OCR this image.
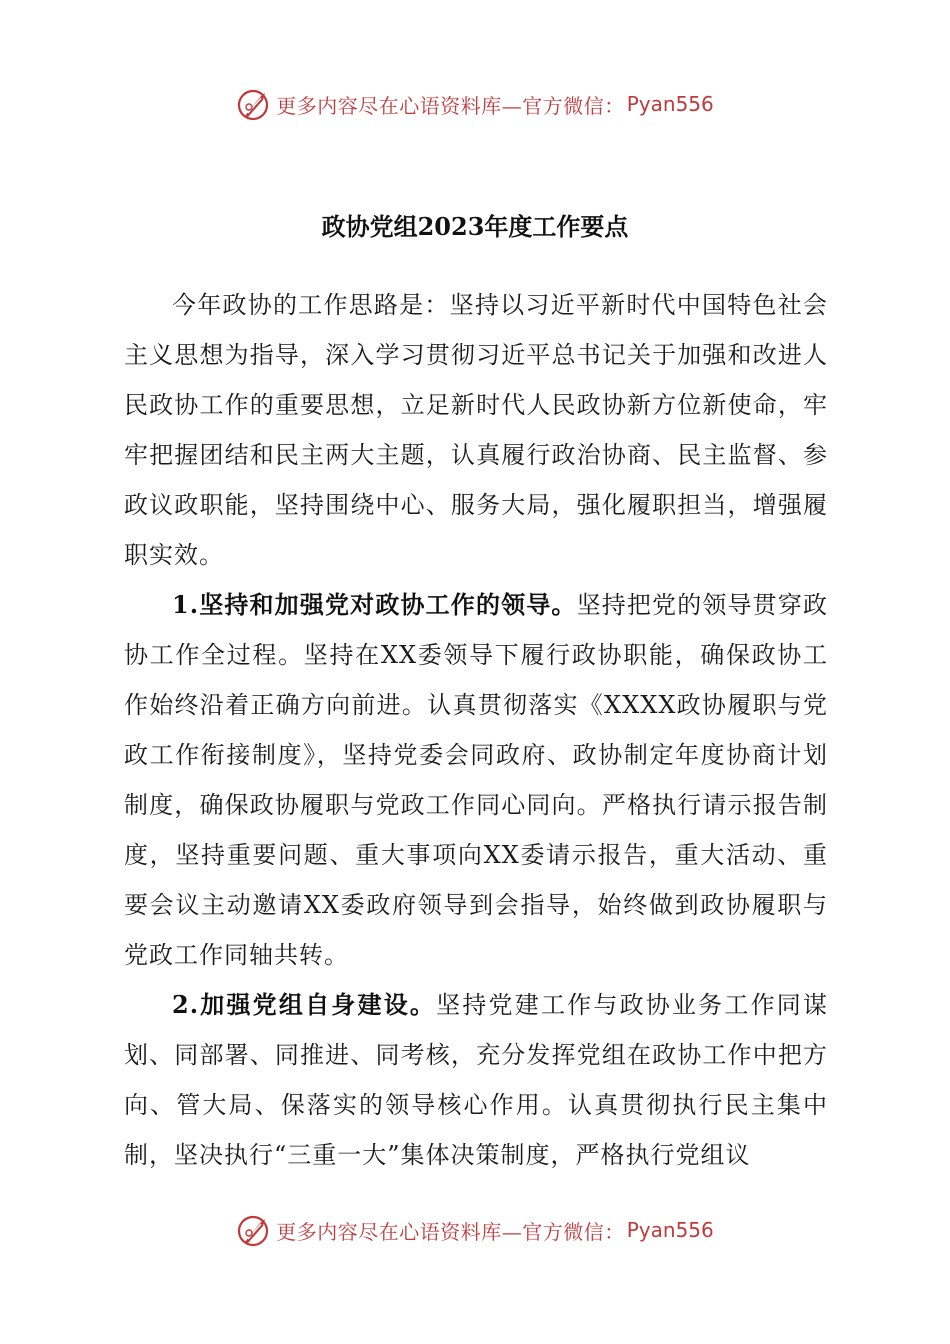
更多内容尽在心语资料库—官方微信： Pyan556
政协党组2023年度工作要点

今年政协的工作思路是：坚持以习近平新时代中国特色社会主义思想为指导，深入学习贯彻习近平总书记关于加强和改进人民政协工作的重要思想，立足新时代人民政协新方位新使命，牢牢把握团结和民主两大主题，认真履行政治协商、民主监督、参政议政职能，坚持围绕中心、服务大局，强化履职担当，增强履职实效。

1.坚持和加强党对政协工作的领导。坚持把党的领导贯穿政协工作全过程。坚持在XX委领导下履行政协职能，确保政协工作始终沿着正确方向前进。认真贯彻落实《XXXX政协履职与党政工作衔接制度》，坚持党委会同政府、政协制定年度协商计划制度，确保政协履职与党政工作同心同向。严格执行请示报告制度，坚持重要问题、重大事项向XX委请示报告，重大活动、重要会议主动邀请XX委政府领导到会指导，始终做到政协履职与党政工作同轴共转。

2.加强党组自身建设。坚持党建工作与政协业务工作同谋划、同部署、同推进、同考核，充分发挥党组在政协工作中把方向、管大局、保落实的领导核心作用。认真贯彻执行民主集中制，坚决执行“三重一大”集体决策制度，严格执行党组议

更多内容尽在心语资料库—官方微信： Pyan556
